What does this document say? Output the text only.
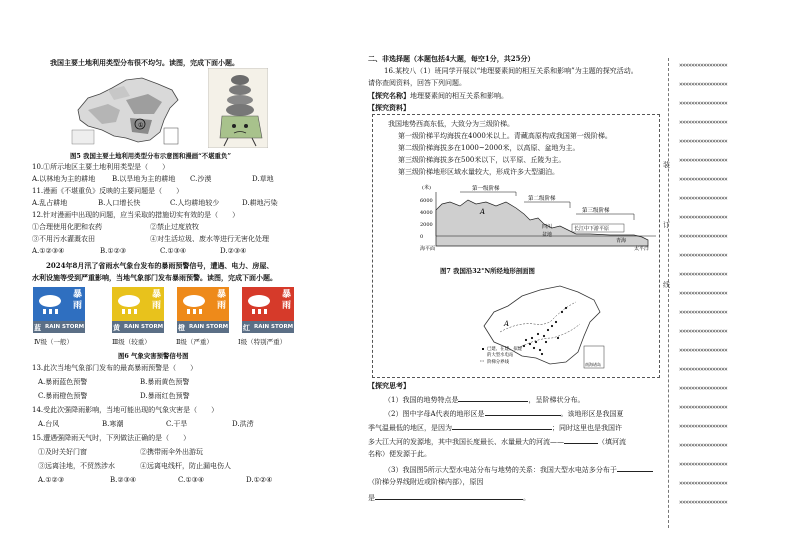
我国主要土地利用类型分布很不均匀。读图，完成下面小题。
①
图5 我国主要土地利用类型分布示意图和漫画“不堪重负”
10.①所示地区主要土地利用类型是（　　）
A.以林地为主的耕地 B.以旱地为主的耕地 C.沙漠	D.草地
11.漫画《不堪重负》反映的主要问题是（　　）
A.乱占耕地	B.人口增长快	C.人均耕地较少	D.耕地污染
12.针对漫画中出现的问题，应当采取的措施切实有效的是（　　）
①合理使用化肥和农药	②禁止过度放牧
③不用污水灌溉农田	④对生活垃圾、废水等进行无害化处理
A.①②③④	B.①②③	C.①③④	D.②③④
2024年8月汛了省雨水气象台发布的暴雨预警信号，遭遇、电力、房屋、
水利设施等受到严重影响，当地气象部门发布暴雨预警。读图，完成下面小题。
暴
雨
蓝 RAIN STORM
暴
雨
黄 RAIN STORM
暴
雨
橙 RAIN STORM
暴
雨
红 RAIN STORM
Ⅳ级（一般）	Ⅲ级（较重）	Ⅱ级（严重）	Ⅰ级（特别严重）
图6 气象灾害预警信号图
13.此次当地气象部门发布的最高暴雨预警是（　　）
A.暴雨蓝色预警	B.暴雨黄色预警
C.暴雨橙色预警	D.暴雨红色预警
14.受此次强降雨影响，当地可能出现的气象灾害是（　　）
A.台风	B.寒潮	C.干旱	D.洪涝
15.遭遇强降雨天气时，下列做法正确的是（　　）
①及时关好门窗	②携带雨伞外出游玩
③远离洼地，不贸然涉水	④远离电线杆，防止漏电伤人
A.①②③	B.②③④	C.①③④	D.①②④
二、非选择题（本题包括4大题，每空1分，共25分）
16.某校八（1）班同学开展以“地理要素间的相互关系和影响”为主题的探究活动。
请你查阅资料，回答下列问题。
【探究名称】地理要素间的相互关系和影响。
【探究资料】
我国地势西高东低，大致分为三级阶梯。
第一级阶梯平均海拔在4000米以上。青藏高原构成我国第一级阶梯。
第二级阶梯海拔多在1000~2000米，以高原、盆地为主。
第三级阶梯海拔多在500米以下，以平原、丘陵为主。
第三级阶梯地形区域水量较大，形成许多大型湖泊。
(米)
6000
4000
2000
0
海平面
第一级阶梯
第二级阶梯
第三级阶梯
A
四川
盆地
长江中下游平原
青海
太平洋
图7 我国沿32°N所经地形剖面图
A
已建、在建、拟建
的大型水电站
阶梯分界线	南海诸岛
【探究思考】
（1）我国的地势特点是	，呈阶梯状分布。
（2）图中字母A代表的地形区是	。该地形区是我国夏
季气温最低的地区，是因为	；同时这里也是我国许
多大江大河的发源地，其中我国长度最长、水量最大的河流——	（填河流
名称）便发源于此。
（3）我国图5所示大型水电站分布与地势的关系：我国大型水电站多分布于
（阶梯分界线附近或阶梯内部），原因
是	。
装
订
线
××××××××××××××××
××××××××××××××××
××××××××××××××××
××××××××××××××××
××××××××××××××××
××××××××××××××××
××××××××××××××××
××××××××××××××××
××××××××××××××××
××××××××××××××××
××××××××××××××××
××××××××××××××××
××××××××××××××××
××××××××××××××××
××××××××××××××××
××××××××××××××××
××××××××××××××××
××××××××××××××××
××××××××××××××××
××××××××××××××××
××××××××××××××××
××××××××××××××××
××××××××××××××××
××××××××××××××××
